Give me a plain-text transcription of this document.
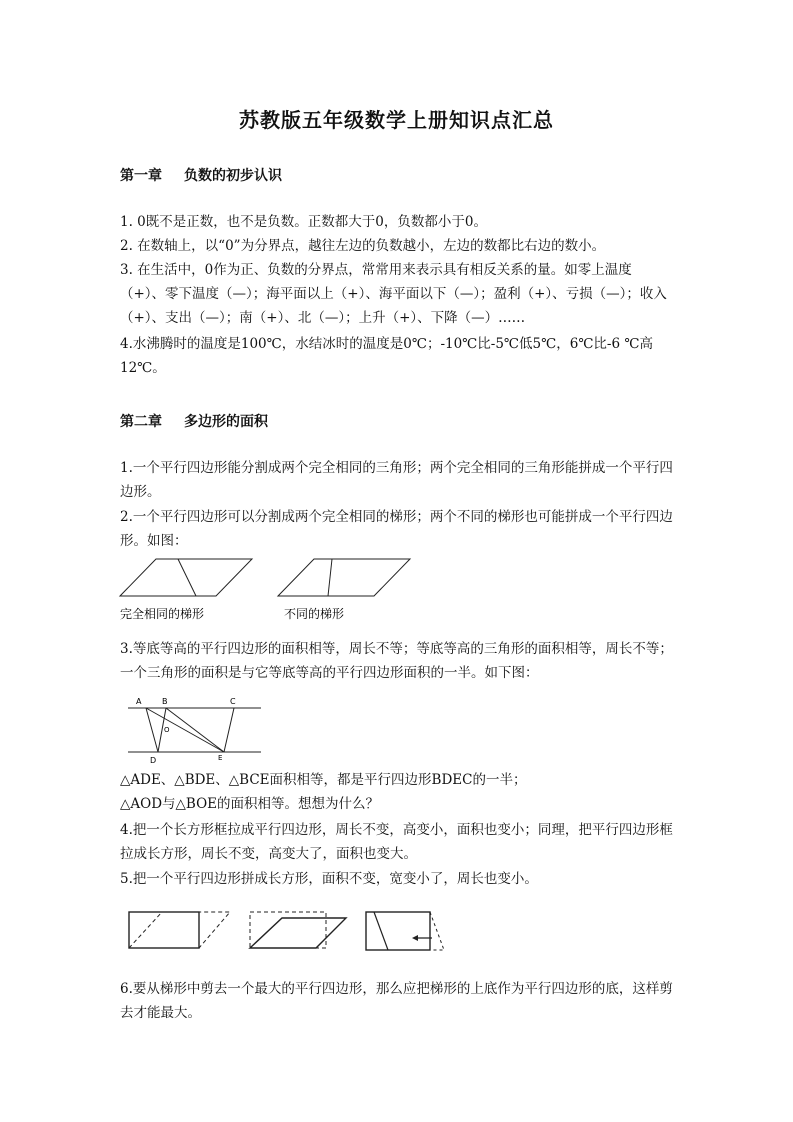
苏教版五年级数学上册知识点汇总
第一章 负数的初步认识

1. 0既不是正数，也不是负数。正数都大于0，负数都小于0。

2. 在数轴上，以“0”为分界点，越往左边的负数越小，左边的数都比右边的数小。

3. 在生活中，0作为正、负数的分界点，常常用来表示具有相反关系的量。如零上温度（+）、零下温度（—）；海平面以上（+）、海平面以下（—）；盈利（+）、亏损（—）；收入（+）、支出（—）；南（+）、北（—）；上升（+）、下降（—）……

4.水沸腾时的温度是100℃，水结冰时的温度是0℃；-10℃比-5℃低5℃，6℃比-6 ℃高12℃。

第二章 多边形的面积

1.一个平行四边形能分割成两个完全相同的三角形；两个完全相同的三角形能拼成一个平行四边形。

2.一个平行四边形可以分割成两个完全相同的梯形；两个不同的梯形也可能拼成一个平行四边形。如图：

完全相同的梯形	不同的梯形

3.等底等高的平行四边形的面积相等，周长不等；等底等高的三角形的面积相等，周长不等；一个三角形的面积是与它等底等高的平行四边形面积的一半。如下图：

A	B	C
O
D	E

△ADE、△BDE、△BCE面积相等，都是平行四边形BDEC的一半；

△AOD与△BOE的面积相等。想想为什么？

4.把一个长方形框拉成平行四边形，周长不变，高变小，面积也变小；同理，把平行四边形框拉成长方形，周长不变，高变大了，面积也变大。

5.把一个平行四边形拼成长方形，面积不变，宽变小了，周长也变小。

6.要从梯形中剪去一个最大的平行四边形，那么应把梯形的上底作为平行四边形的底，这样剪去才能最大。
